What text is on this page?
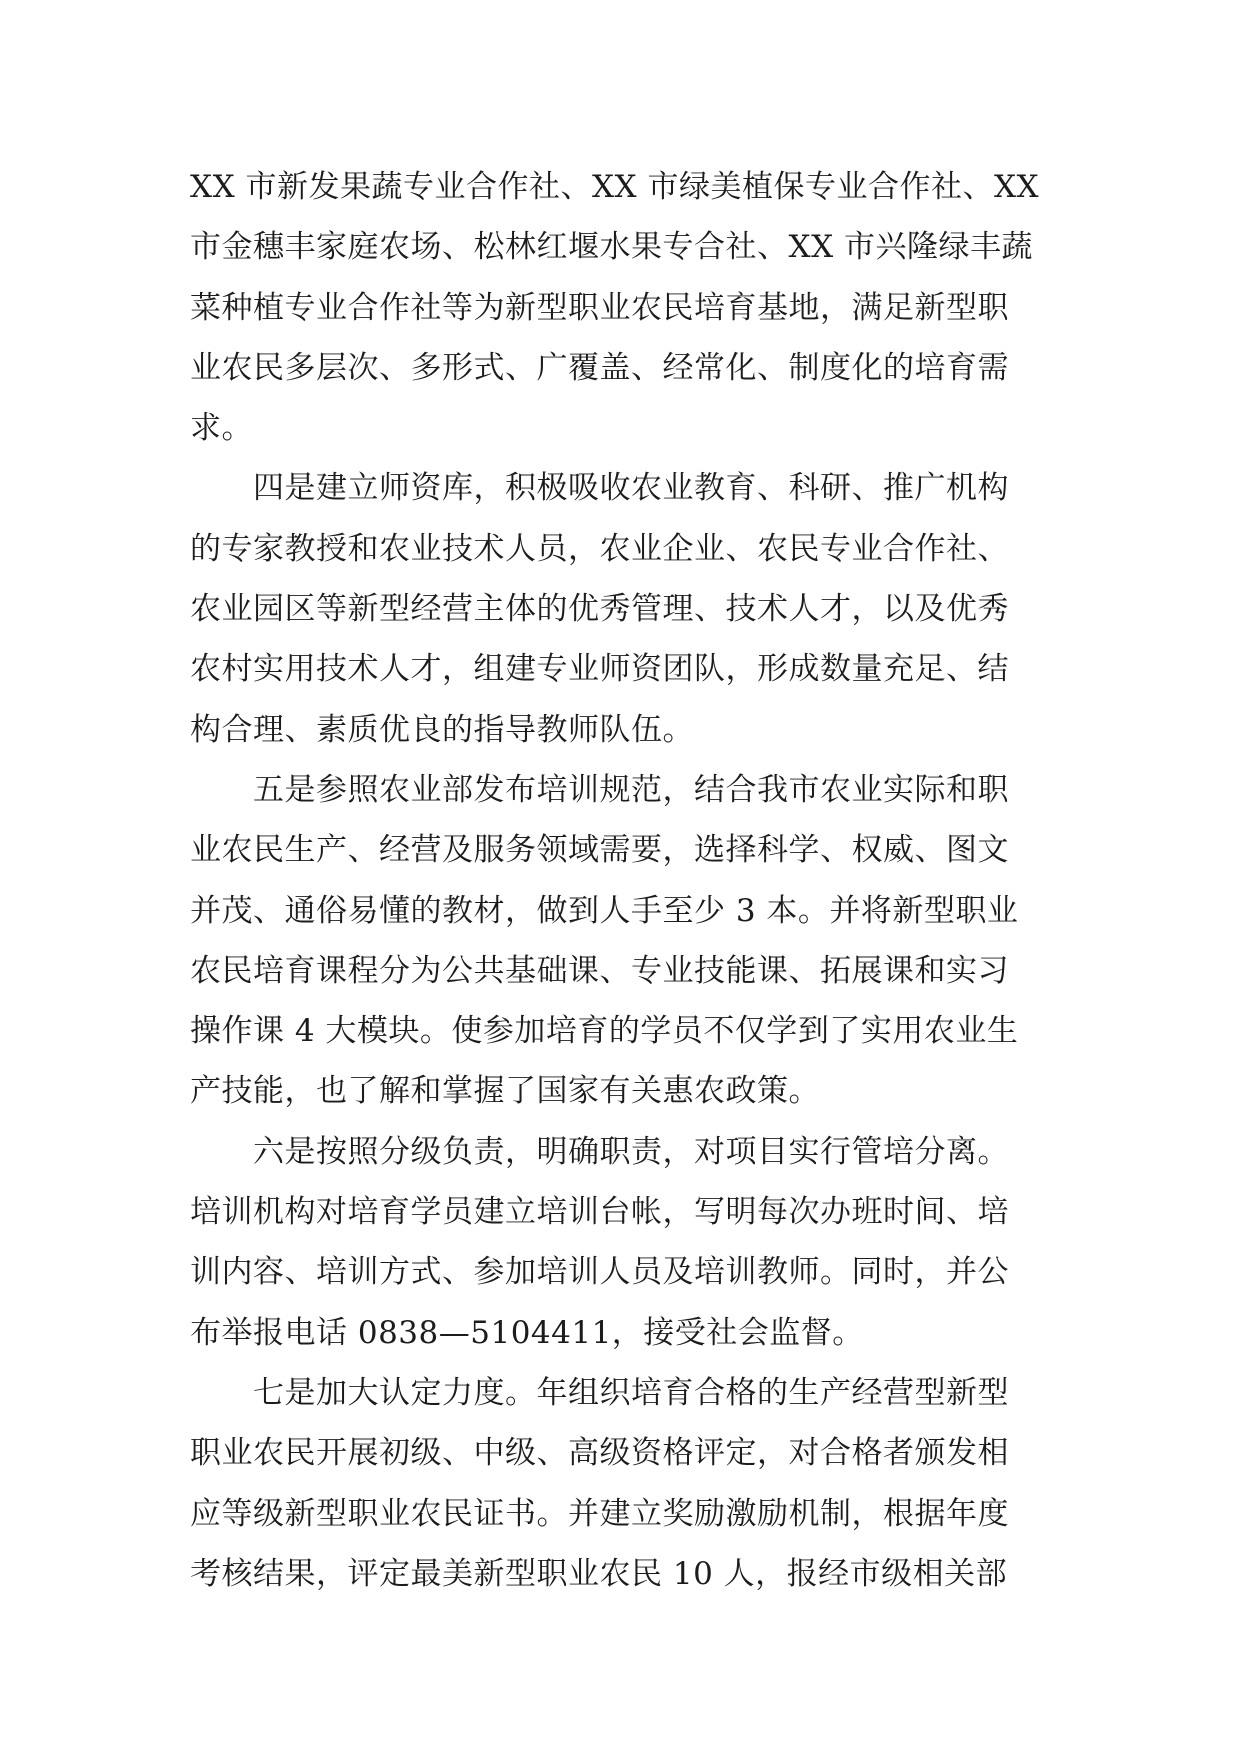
XX 市新发果蔬专业合作社、XX 市绿美植保专业合作社、XX
市金穗丰家庭农场、松林红堰水果专合社、XX 市兴隆绿丰蔬
菜种植专业合作社等为新型职业农民培育基地，满足新型职
业农民多层次、多形式、广覆盖、经常化、制度化的培育需
求。
　　四是建立师资库，积极吸收农业教育、科研、推广机构
的专家教授和农业技术人员，农业企业、农民专业合作社、
农业园区等新型经营主体的优秀管理、技术人才，以及优秀
农村实用技术人才，组建专业师资团队，形成数量充足、结
构合理、素质优良的指导教师队伍。
　　五是参照农业部发布培训规范，结合我市农业实际和职
业农民生产、经营及服务领域需要，选择科学、权威、图文
并茂、通俗易懂的教材，做到人手至少 3 本。并将新型职业
农民培育课程分为公共基础课、专业技能课、拓展课和实习
操作课 4 大模块。使参加培育的学员不仅学到了实用农业生
产技能，也了解和掌握了国家有关惠农政策。
　　六是按照分级负责，明确职责，对项目实行管培分离。
培训机构对培育学员建立培训台帐，写明每次办班时间、培
训内容、培训方式、参加培训人员及培训教师。同时，并公
布举报电话 0838—5104411，接受社会监督。
　　七是加大认定力度。年组织培育合格的生产经营型新型
职业农民开展初级、中级、高级资格评定，对合格者颁发相
应等级新型职业农民证书。并建立奖励激励机制，根据年度
考核结果，评定最美新型职业农民 10 人，报经市级相关部
